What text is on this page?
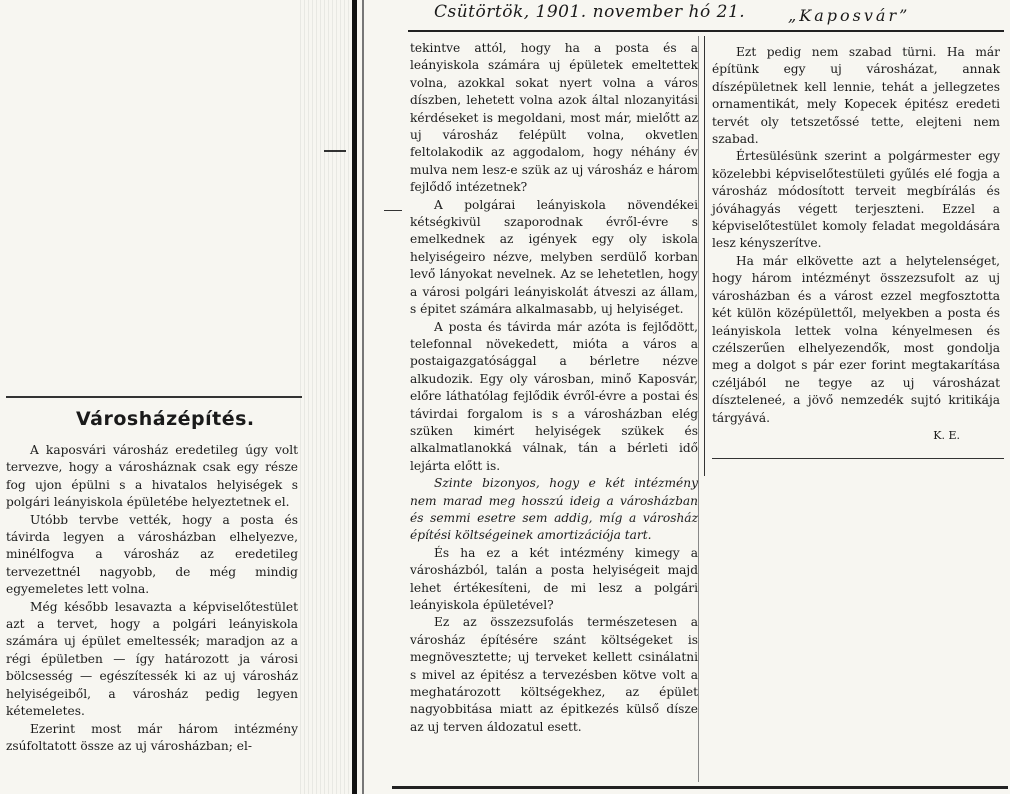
Csütörtök, 1901. november hó 21.	„Kaposvár”
Városházépítés.

A kaposvári városház eredetileg úgy volt tervezve, hogy a városháznak csak egy része fog ujon épülni s a hivatalos helyiségek s polgári leányiskola épületébe helyeztetnek el.

Utóbb tervbe vették, hogy a posta és távirda legyen a városházban elhelyezve, minélfogva a városház az eredetileg tervezettnél nagyobb, de még mindig egyemeletes lett volna.

Még később lesavazta a képviselőtestület azt a tervet, hogy a polgári leányiskola számára uj épület emeltessék; maradjon az a régi épületben — így határozott ja városi bölcsesség — egészítessék ki az uj városház helyiségeiből, a városház pedig legyen kétemeletes.

Ezerint most már három intézmény zsúfoltatott össze az uj városházban; el-

tekintve attól, hogy ha a posta és a leányiskola számára uj épületek emeltettek volna, azokkal sokat nyert volna a város díszben, lehetett volna azok által nlozanyitási kérdéseket is megoldani, most már, mielőtt az uj városház felépült volna, okvetlen feltolakodik az aggodalom, hogy néhány év mulva nem lesz-e szük az uj városház e három fejlődő intézetnek?

A polgárai leányiskola növendékei kétségkivül szaporodnak évről-évre s emelkednek az igények egy oly iskola helyiségeiro nézve, melyben serdülő korban levő lányokat nevelnek. Az se lehetetlen, hogy a városi polgári leányiskolát átveszi az állam, s épitet számára alkalmasabb, uj helyiséget.

A posta és távirda már azóta is fejlődött, telefonnal növekedett, mióta a város a postaigazgatósággal a bérletre nézve alkudozik. Egy oly városban, minő Kaposvár, előre láthatólag fejlődik évről-évre a postai és távirdai forgalom is s a városházban elég szüken kimért helyiségek szükek és alkalmatlanokká válnak, tán a bérleti idő lejárta előtt is.

Szinte bizonyos, hogy e két intézmény nem marad meg hosszú ideig a városházban és semmi esetre sem addig, míg a városház építési költségeinek amortizációja tart.

És ha ez a két intézmény kimegy a városházból, talán a posta helyiségeit majd lehet értékesíteni, de mi lesz a polgári leányiskola épületével?

Ez az összezsufolás természetesen a városház építésére szánt költségeket is megnövesztette; uj terveket kellett csinálatni s mivel az épitész a tervezésben kötve volt a meghatározott költségekhez, az épület nagyobbitása miatt az épitkezés külső dísze az uj terven áldozatul esett.

Ezt pedig nem szabad türni. Ha már építünk egy uj városházat, annak díszépületnek kell lennie, tehát a jellegzetes ornamentikát, mely Kopecek épitész eredeti tervét oly tetszetőssé tette, elejteni nem szabad.

Értesülésünk szerint a polgármester egy közelebbi képviselőtestületi gyűlés elé fogja a városház módosított terveit megbírálás és jóváhagyás végett terjeszteni. Ezzel a képviselőtestület komoly feladat megoldására lesz kényszerítve.

Ha már elkövette azt a helytelenséget, hogy három intézményt összezsufolt az uj városházban és a várost ezzel megfosztotta két külön középülettől, melyekben a posta és leányiskola lettek volna kényelmesen és czélszerűen elhelyezendők, most gondolja meg a dolgot s pár ezer forint megtakarítása czéljából ne tegye az uj városházat díszteleneé, a jövő nemzedék sujtó kritikája tárgyává.

K. E.
